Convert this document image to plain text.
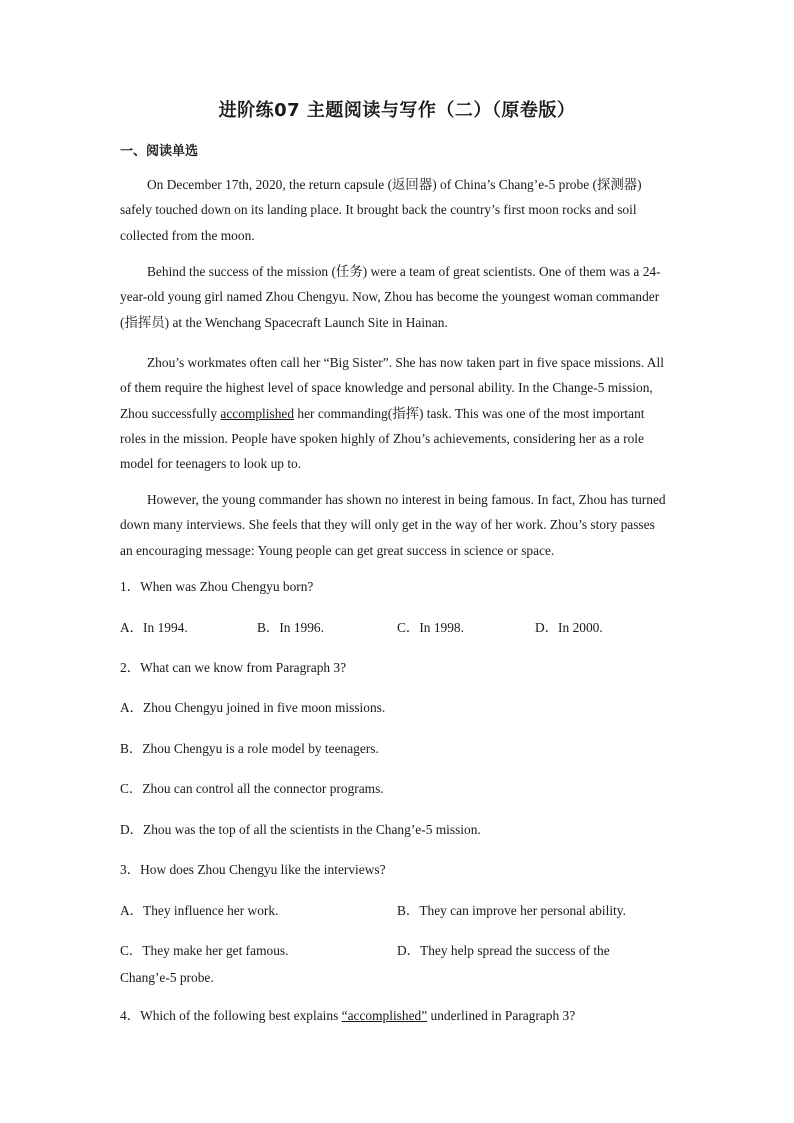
进阶练07 主题阅读与写作（二）（原卷版）
一、阅读单选

On December 17th, 2020, the return capsule (返回器) of China’s Chang’e-5 probe (探测器) safely touched down on its landing place. It brought back the country’s first moon rocks and soil collected from the moon.

Behind the success of the mission (任务) were a team of great scientists. One of them was a 24-year-old young girl named Zhou Chengyu. Now, Zhou has become the youngest woman commander (指挥员) at the Wenchang Spacecraft Launch Site in Hainan.

Zhou’s workmates often call her “Big Sister”. She has now taken part in five space missions. All of them require the highest level of space knowledge and personal ability. In the Change-5 mission, Zhou successfully accomplished her commanding(指挥) task. This was one of the most important roles in the mission. People have spoken highly of Zhou’s achievements, considering her as a role model for teenagers to look up to.

However, the young commander has shown no interest in being famous. In fact, Zhou has turned down many interviews. She feels that they will only get in the way of her work. Zhou’s story passes an encouraging message: Young people can get great success in science or space.

1．When was Zhou Chengyu born?
A．In 1994.	B．In 1996.	C．In 1998.	D．In 2000.
2．What can we know from Paragraph 3?
A．Zhou Chengyu joined in five moon missions.
B．Zhou Chengyu is a role model by teenagers.
C．Zhou can control all the connector programs.
D．Zhou was the top of all the scientists in the Chang’e-5 mission.
3．How does Zhou Chengyu like the interviews?
A．They influence her work.	B．They can improve her personal ability.
C．They make her get famous.	D．They help spread the success of the
Chang’e-5 probe.
4．Which of the following best explains “accomplished” underlined in Paragraph 3?
